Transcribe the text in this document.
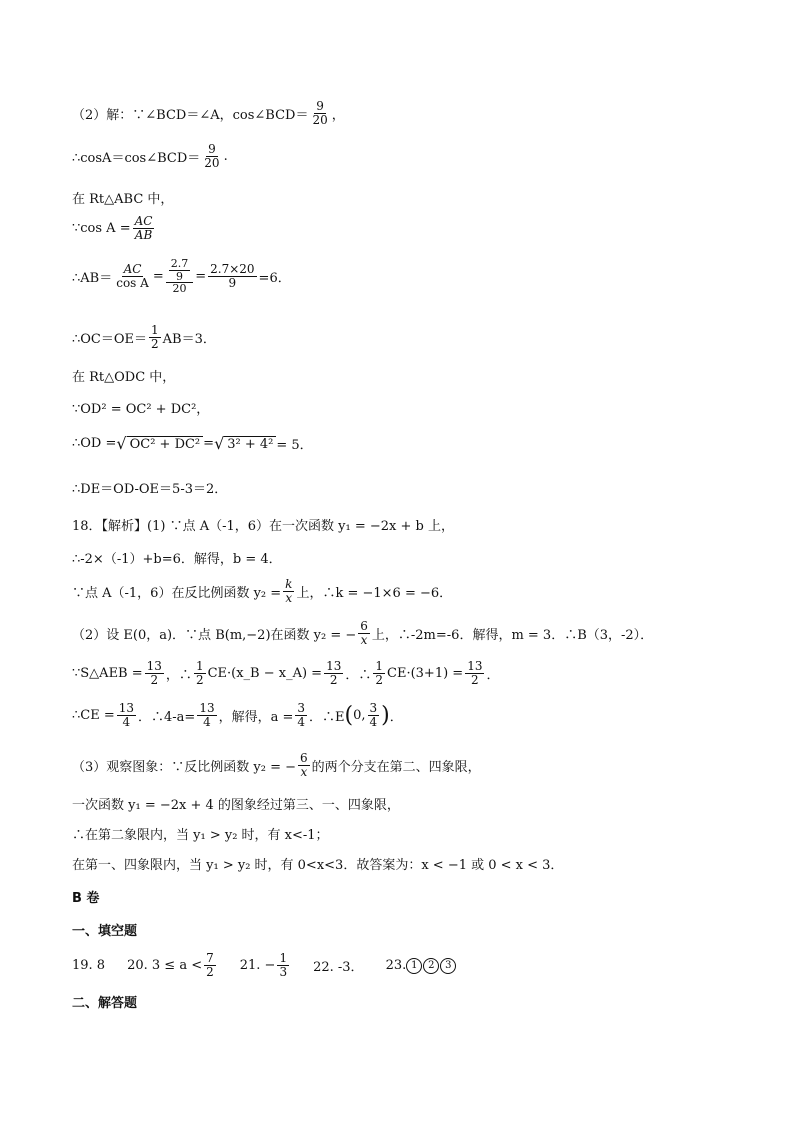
（2）解：∵∠BCD＝∠A，cos∠BCD＝ $\frac{9}{20}$ ，
∴cosA＝cos∠BCD＝ $\frac{9}{20}$ .
在 Rt△ABC 中，
∵cos $A = \frac{AC}{AB}$
∴AB＝ $\frac{AC}{\text{cos A}} = \frac{\frac{2.7}{9}}{20} = \frac{2.7\times 20}{9} =6$．
∴OC＝OE＝ $\frac{1}{2} AB=3$．
在 Rt△ODC 中，
∵OD² = OC² + DC²，
∴OD = √ OC² + DC² = √ 3² + 4² = 5．
∴DE＝OD-OE＝5-3＝2．
18．【解析】(1) ∵点 A（-1，6）在一次函数 y₁ = −2x + b 上，
∴-2×（-1）+b=6．解得，b = 4．
∵点 A（-1，6）在反比例函数 $y_2 = \frac{k}{x}$ 上，∴k = −1×6 = −6．
（2）设 E(0，a)．∵点 B(m,−2)在函数 y₂ = − $\frac{6}{x}$ 上，∴-2m=-6．解得，m = 3．∴B（3，-2）．
∵S△AEB = $\frac{13}{2}$ ，∴ $\frac{1}{2}$ CE·(x_B − x_A) = $\frac{13}{2}$ ．∴ $\frac{1}{2} CE\cdot(3+1) = \frac{13}{2}$ ．
∴CE = $\frac{13}{4}$ ．∴4-a= $\frac{13}{4}$ ，解得，$a = \frac{3}{4}$ ．∴E ( 0, $\frac{3}{4}$ ) ．
（3）观察图象：∵反比例函数 y₂ = − $\frac{6}{x}$ 的两个分支在第二、四象限，
一次函数 y₁ = −2x + 4 的图象经过第三、一、四象限，
∴在第二象限内，当 y₁ > y₂ 时，有 x<-1；
在第一、四象限内，当 y₁ > y₂ 时，有 0<x<3．故答案为：x < −1 或 0 < x < 3．
B 卷
一、填空题
19. 8 20. $3 \le a < \frac{7}{2} 21$. − $\frac{1}{3} 22$. -3． 23. 1	2	3
二、解答题
